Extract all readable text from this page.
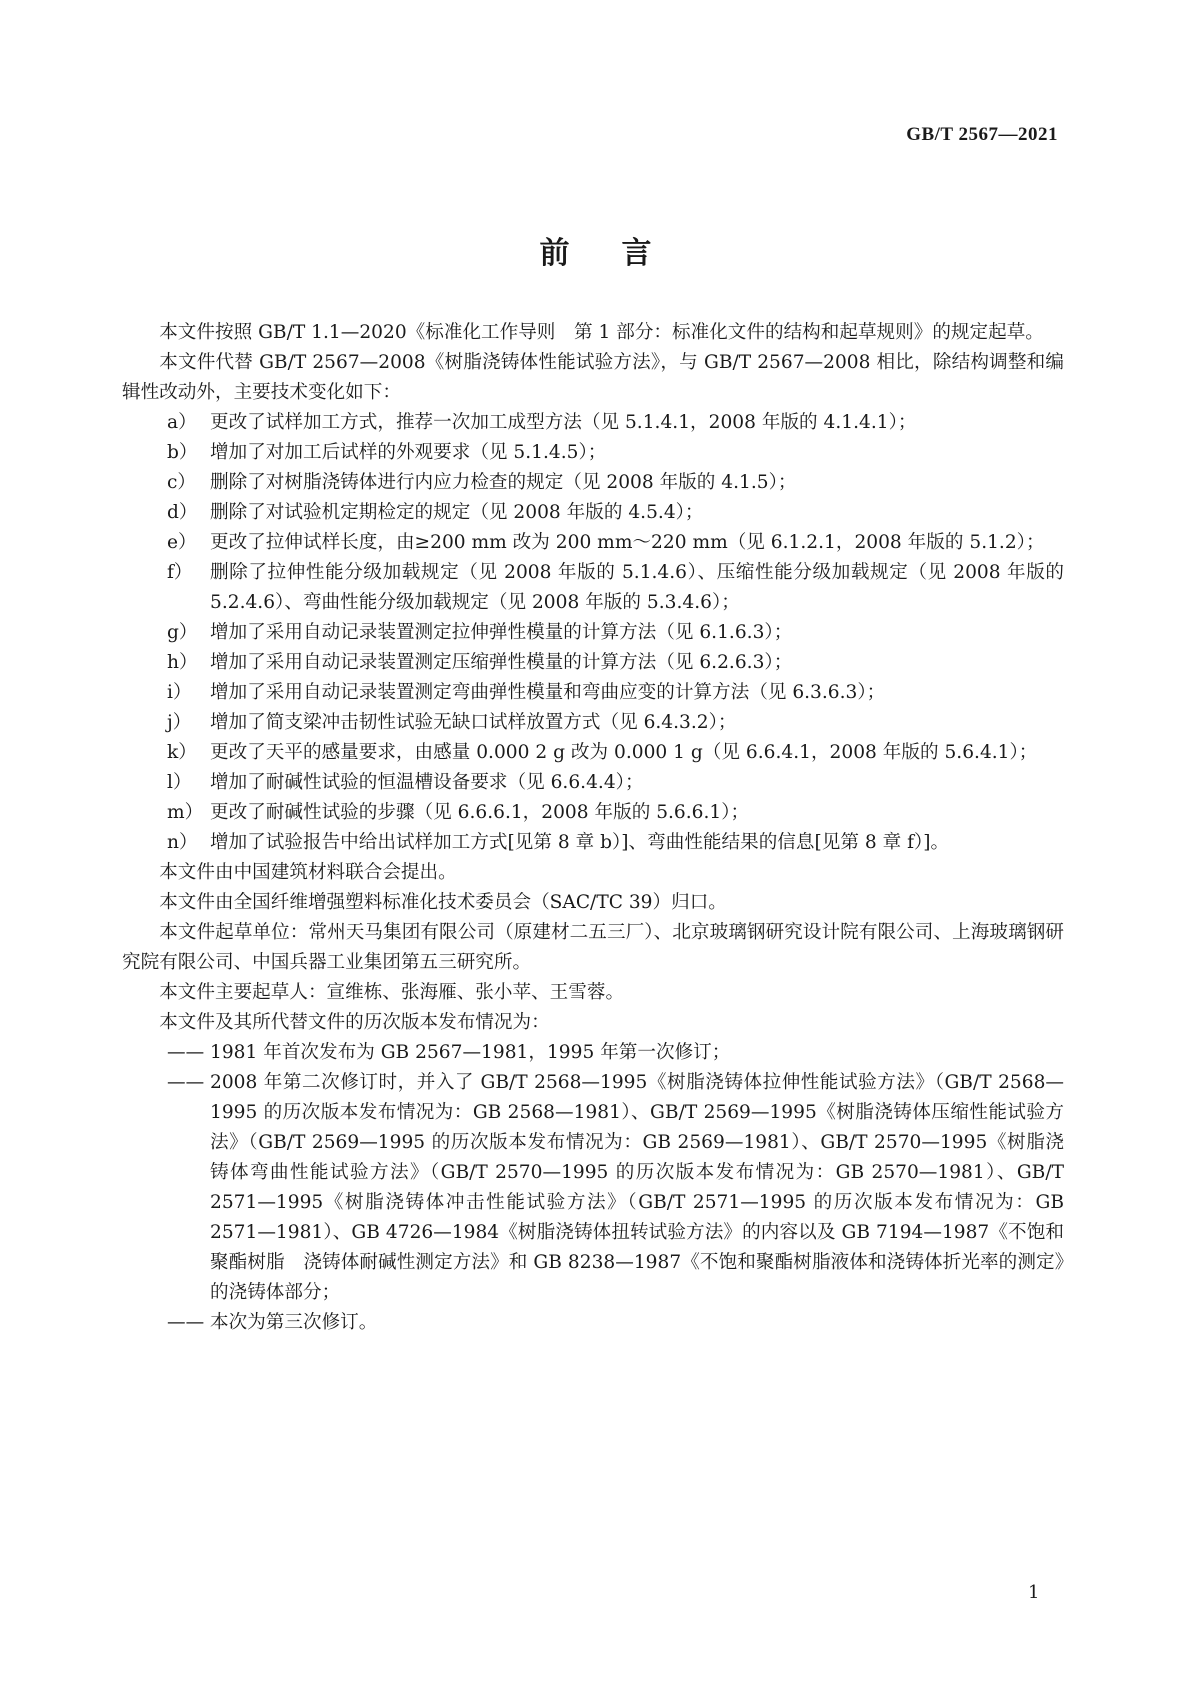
GB/T 2567—2021
前言

本文件按照 GB/T 1.1—2020《标准化工作导则　第 1 部分：标准化文件的结构和起草规则》的规定起草。

本文件代替 GB/T 2567—2008《树脂浇铸体性能试验方法》，与 GB/T 2567—2008 相比，除结构调整和编辑性改动外，主要技术变化如下：

a） 更改了试样加工方式，推荐一次加工成型方法（见 5.1.4.1，2008 年版的 4.1.4.1）；
b） 增加了对加工后试样的外观要求（见 5.1.4.5）；
c） 删除了对树脂浇铸体进行内应力检查的规定（见 2008 年版的 4.1.5）；
d） 删除了对试验机定期检定的规定（见 2008 年版的 4.5.4）；
e） 更改了拉伸试样长度，由≥200 mm 改为 200 mm～220 mm（见 6.1.2.1，2008 年版的 5.1.2）；
f） 删除了拉伸性能分级加载规定（见 2008 年版的 5.1.4.6）、压缩性能分级加载规定（见 2008 年版的 5.2.4.6）、弯曲性能分级加载规定（见 2008 年版的 5.3.4.6）；
g） 增加了采用自动记录装置测定拉伸弹性模量的计算方法（见 6.1.6.3）；
h） 增加了采用自动记录装置测定压缩弹性模量的计算方法（见 6.2.6.3）；
i） 增加了采用自动记录装置测定弯曲弹性模量和弯曲应变的计算方法（见 6.3.6.3）；
j）	增加了简支梁冲击韧性试验无缺口试样放置方式（见 6.4.3.2）；
k） 更改了天平的感量要求，由感量 0.000 2 g 改为 0.000 1 g（见 6.6.4.1，2008 年版的 5.6.4.1）；
l） 增加了耐碱性试验的恒温槽设备要求（见 6.6.4.4）；
m） 更改了耐碱性试验的步骤（见 6.6.6.1，2008 年版的 5.6.6.1）；
n） 增加了试验报告中给出试样加工方式[见第 8 章 b）]、弯曲性能结果的信息[见第 8 章 f）]。

本文件由中国建筑材料联合会提出。

本文件由全国纤维增强塑料标准化技术委员会（SAC/TC 39）归口。

本文件起草单位：常州天马集团有限公司（原建材二五三厂）、北京玻璃钢研究设计院有限公司、上海玻璃钢研究院有限公司、中国兵器工业集团第五三研究所。

本文件主要起草人：宣维栋、张海雁、张小苹、王雪蓉。

本文件及其所代替文件的历次版本发布情况为：

—— 1981 年首次发布为 GB 2567—1981，1995 年第一次修订；
—— 2008 年第二次修订时，并入了 GB/T 2568—1995《树脂浇铸体拉伸性能试验方法》（GB/T 2568—1995 的历次版本发布情况为：GB 2568—1981）、GB/T 2569—1995《树脂浇铸体压缩性能试验方法》（GB/T 2569—1995 的历次版本发布情况为：GB 2569—1981）、GB/T 2570—1995《树脂浇铸体弯曲性能试验方法》（GB/T 2570—1995 的历次版本发布情况为：GB 2570—1981）、GB/T 2571—1995《树脂浇铸体冲击性能试验方法》（GB/T 2571—1995 的历次版本发布情况为：GB 2571—1981）、GB 4726—1984《树脂浇铸体扭转试验方法》的内容以及 GB 7194—1987《不饱和聚酯树脂　浇铸体耐碱性测定方法》和 GB 8238—1987《不饱和聚酯树脂液体和浇铸体折光率的测定》的浇铸体部分；
—— 本次为第三次修订。
1
